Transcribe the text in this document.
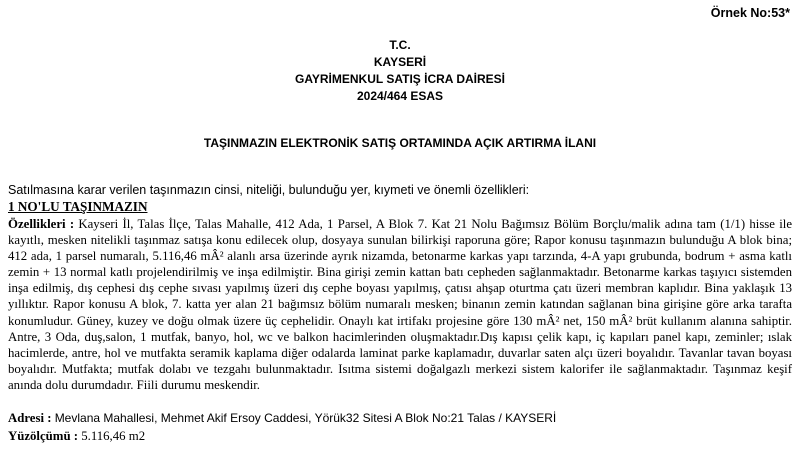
Örnek No:53*
T.C.
KAYSERİ
GAYRİMENKUL SATIŞ İCRA DAİRESİ
2024/464 ESAS
TAŞINMAZIN ELEKTRONİK SATIŞ ORTAMINDA AÇIK ARTIRMA İLANI
Satılmasına karar verilen taşınmazın cinsi, niteliği, bulunduğu yer, kıymeti ve önemli özellikleri:
1 NO'LU TAŞINMAZIN

Özellikleri : Kayseri İl, Talas İlçe, Talas Mahalle, 412 Ada, 1 Parsel, A Blok 7. Kat 21 Nolu Bağımsız Bölüm Borçlu/malik adına tam (1/1) hisse ile kayıtlı, mesken nitelikli taşınmaz satışa konu edilecek olup, dosyaya sunulan bilirkişi raporuna göre; Rapor konusu taşınmazın bulunduğu A blok bina; 412 ada, 1 parsel numaralı, 5.116,46 mÂ² alanlı arsa üzerinde ayrık nizamda, betonarme karkas yapı tarzında, 4-A yapı grubunda, bodrum + asma katlı zemin + 13 normal katlı projelendirilmiş ve inşa edilmiştir. Bina girişi zemin kattan batı cepheden sağlanmaktadır. Betonarme karkas taşıyıcı sistemden inşa edilmiş, dış cephesi dış cephe sıvası yapılmış üzeri dış cephe boyası yapılmış, çatısı ahşap oturtma çatı üzeri membran kaplıdır. Bina yaklaşık 13 yıllıktır. Rapor konusu A blok, 7. katta yer alan 21 bağımsız bölüm numaralı mesken; binanın zemin katından sağlanan bina girişine göre arka tarafta konumludur. Güney, kuzey ve doğu olmak üzere üç cephelidir. Onaylı kat irtifakı projesine göre 130 mÂ² net, 150 mÂ² brüt kullanım alanına sahiptir. Antre, 3 Oda, duş,salon, 1 mutfak, banyo, hol, wc ve balkon hacimlerinden oluşmaktadır.Dış kapısı çelik kapı, iç kapıları panel kapı, zeminler; ıslak hacimlerde, antre, hol ve mutfakta seramik kaplama diğer odalarda laminat parke kaplamadır, duvarlar saten alçı üzeri boyalıdır. Tavanlar tavan boyası boyalıdır. Mutfakta; mutfak dolabı ve tezgahı bulunmaktadır. Isıtma sistemi doğalgazlı merkezi sistem kalorifer ile sağlanmaktadır. Taşınmaz keşif anında dolu durumdadır. Fiili durumu meskendir.

Adresi : Mevlana Mahallesi, Mehmet Akif Ersoy Caddesi, Yörük32 Sitesi A Blok No:21 Talas / KAYSERİ
Yüzölçümü : 5.116,46 m2
